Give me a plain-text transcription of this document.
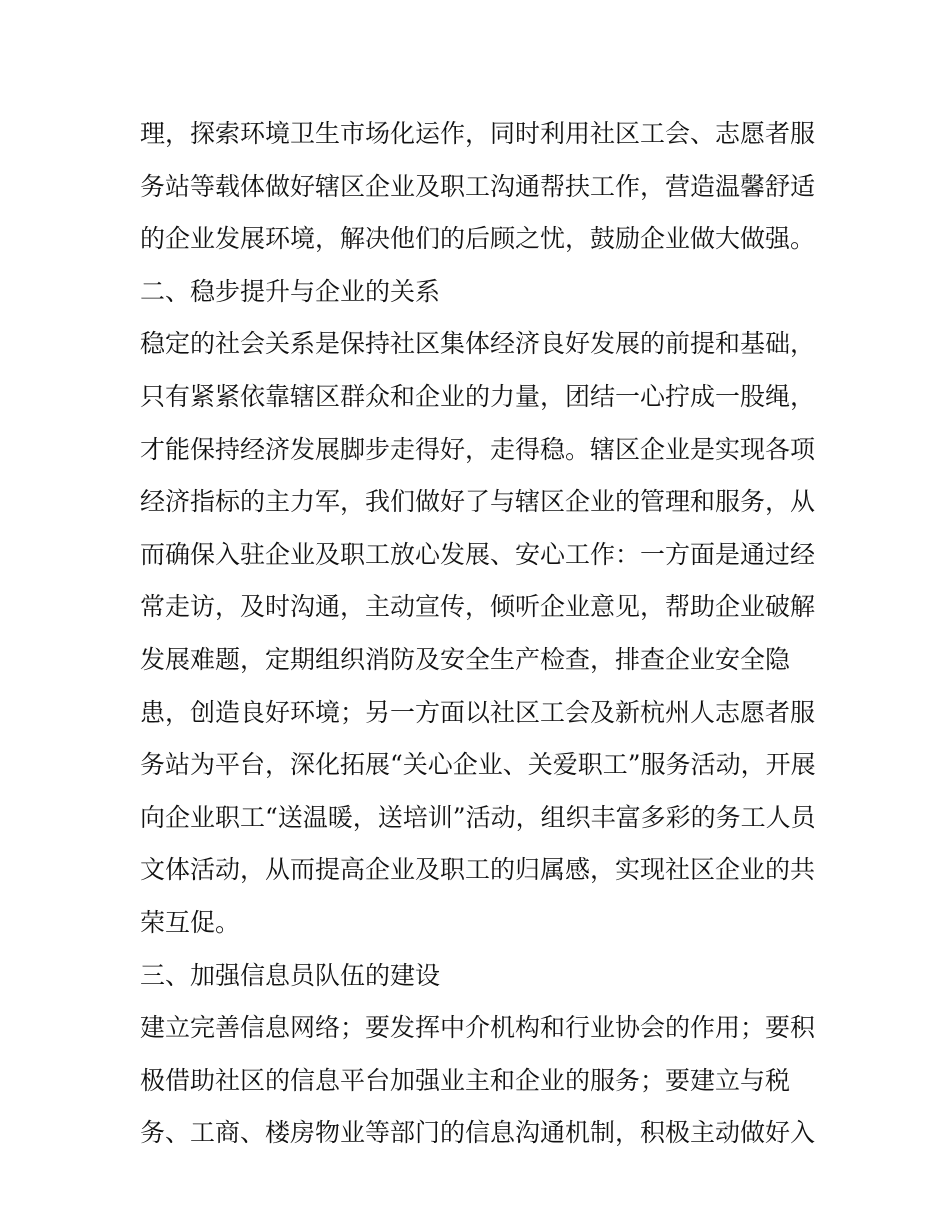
理，探索环境卫生市场化运作，同时利用社区工会、志愿者服
务站等载体做好辖区企业及职工沟通帮扶工作，营造温馨舒适
的企业发展环境，解决他们的后顾之忧，鼓励企业做大做强。
二、稳步提升与企业的关系
稳定的社会关系是保持社区集体经济良好发展的前提和基础，
只有紧紧依靠辖区群众和企业的力量，团结一心拧成一股绳，
才能保持经济发展脚步走得好，走得稳。辖区企业是实现各项
经济指标的主力军，我们做好了与辖区企业的管理和服务，从
而确保入驻企业及职工放心发展、安心工作：一方面是通过经
常走访，及时沟通，主动宣传，倾听企业意见，帮助企业破解
发展难题，定期组织消防及安全生产检查，排查企业安全隐
患，创造良好环境；另一方面以社区工会及新杭州人志愿者服
务站为平台，深化拓展“关心企业、关爱职工”服务活动，开展
向企业职工“送温暖，送培训”活动，组织丰富多彩的务工人员
文体活动，从而提高企业及职工的归属感，实现社区企业的共
荣互促。
三、加强信息员队伍的建设
建立完善信息网络；要发挥中介机构和行业协会的作用；要积
极借助社区的信息平台加强业主和企业的服务；要建立与税
务、工商、楼房物业等部门的信息沟通机制，积极主动做好入
